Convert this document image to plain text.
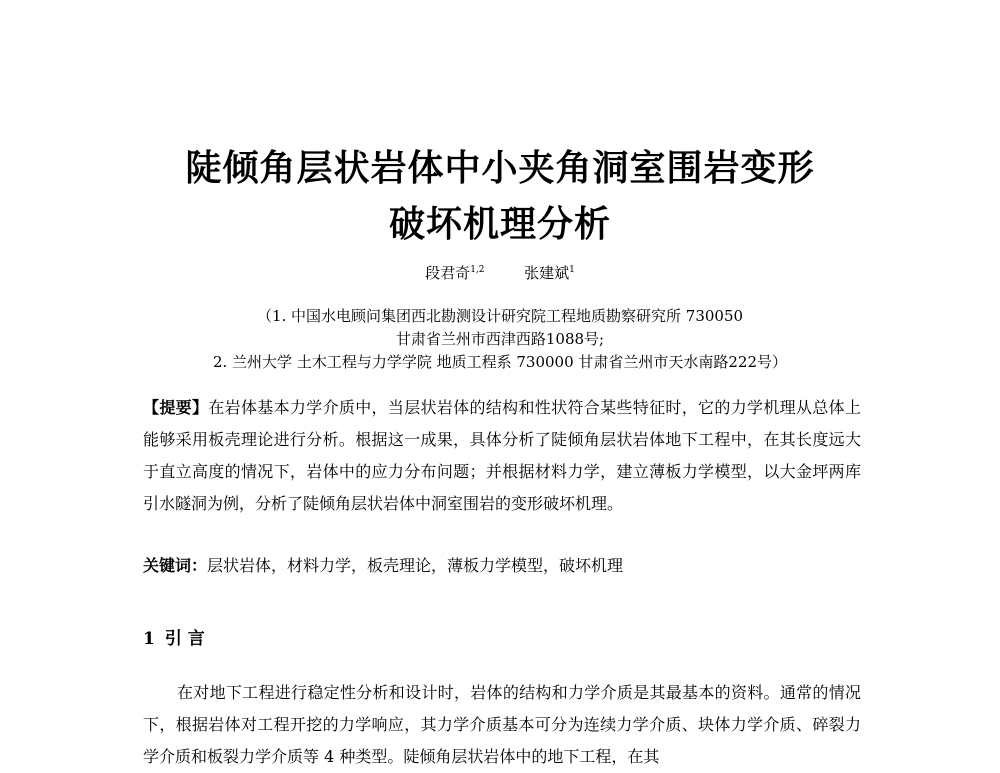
陡倾角层状岩体中小夹角洞室围岩变形
破坏机理分析
段君奇$^{1,2}$	张建斌$^1$
（1. 中国水电顾问集团西北勘测设计研究院工程地质勘察研究所 730050
甘肃省兰州市西津西路1088号;
2. 兰州大学 土木工程与力学学院 地质工程系 730000 甘肃省兰州市天水南路222号）
【提要】在岩体基本力学介质中，当层状岩体的结构和性状符合某些特征时，它的力学机理从总体上能够采用板壳理论进行分析。根据这一成果，具体分析了陡倾角层状岩体地下工程中，在其长度远大于直立高度的情况下，岩体中的应力分布问题；并根据材料力学，建立薄板力学模型，以大金坪两库引水隧洞为例，分析了陡倾角层状岩体中洞室围岩的变形破坏机理。
关键词：层状岩体，材料力学，板壳理论，薄板力学模型，破坏机理
1 引 言
在对地下工程进行稳定性分析和设计时，岩体的结构和力学介质是其最基本的资料。通常的情况下，根据岩体对工程开挖的力学响应，其力学介质基本可分为连续力学介质、块体力学介质、碎裂力学介质和板裂力学介质等 4 种类型。陡倾角层状岩体中的地下工程，在其
